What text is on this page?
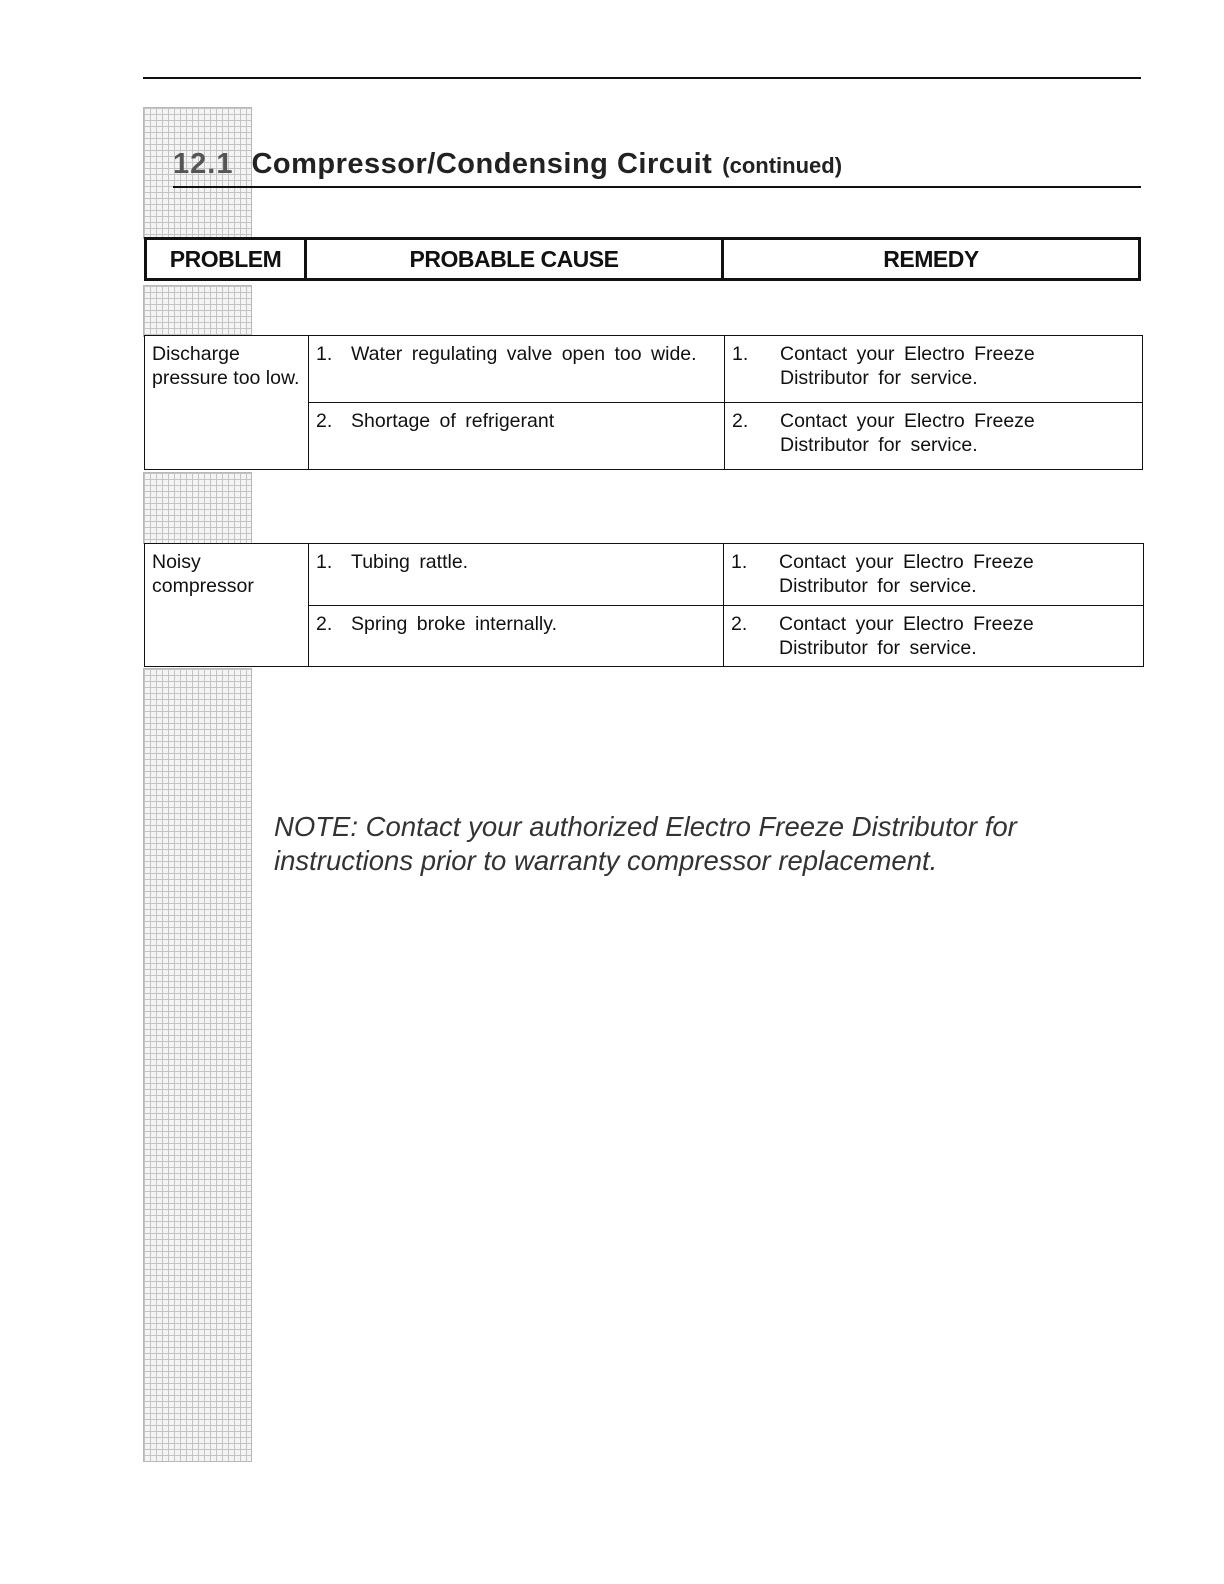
12.1 Compressor/Condensing Circuit (continued)
PROBLEM	PROBABLE CAUSE	REMEDY
Discharge pressure too low.	1. Water regulating valve open too wide.	1. Contact your Electro Freeze Distributor for service.
	2. Shortage of refrigerant	2. Contact your Electro Freeze Distributor for service.
Noisy compressor	1. Tubing rattle.	1. Contact your Electro Freeze Distributor for service.
	2. Spring broke internally.	2. Contact your Electro Freeze Distributor for service.
NOTE: Contact your authorized Electro Freeze Distributor for instructions prior to warranty compressor replacement.
